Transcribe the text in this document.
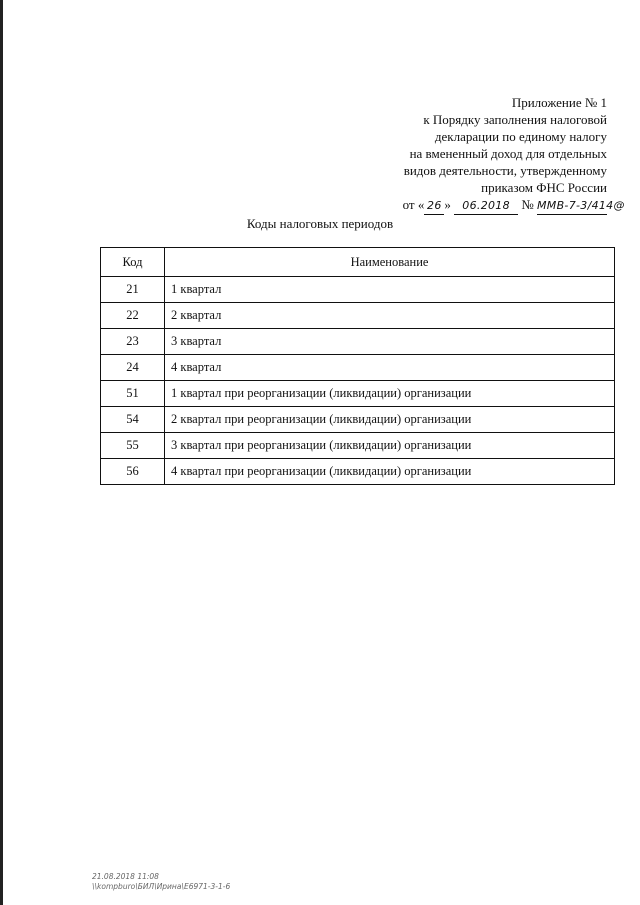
Приложение № 1
к Порядку заполнения налоговой
декларации по единому налогу
на вмененный доход для отдельных
видов деятельности, утвержденному
приказом ФНС России
от « 26 » 06.2018 № ММВ-7-3/414@
Коды налоговых периодов
Код	Наименование
21	1 квартал
22	2 квартал
23	3 квартал
24	4 квартал
51	1 квартал при реорганизации (ликвидации) организации
54	2 квартал при реорганизации (ликвидации) организации
55	3 квартал при реорганизации (ликвидации) организации
56	4 квартал при реорганизации (ликвидации) организации
21.08.2018 11:08
\\kompburo\БИЛ\Ирина\E6971-3-1-6
